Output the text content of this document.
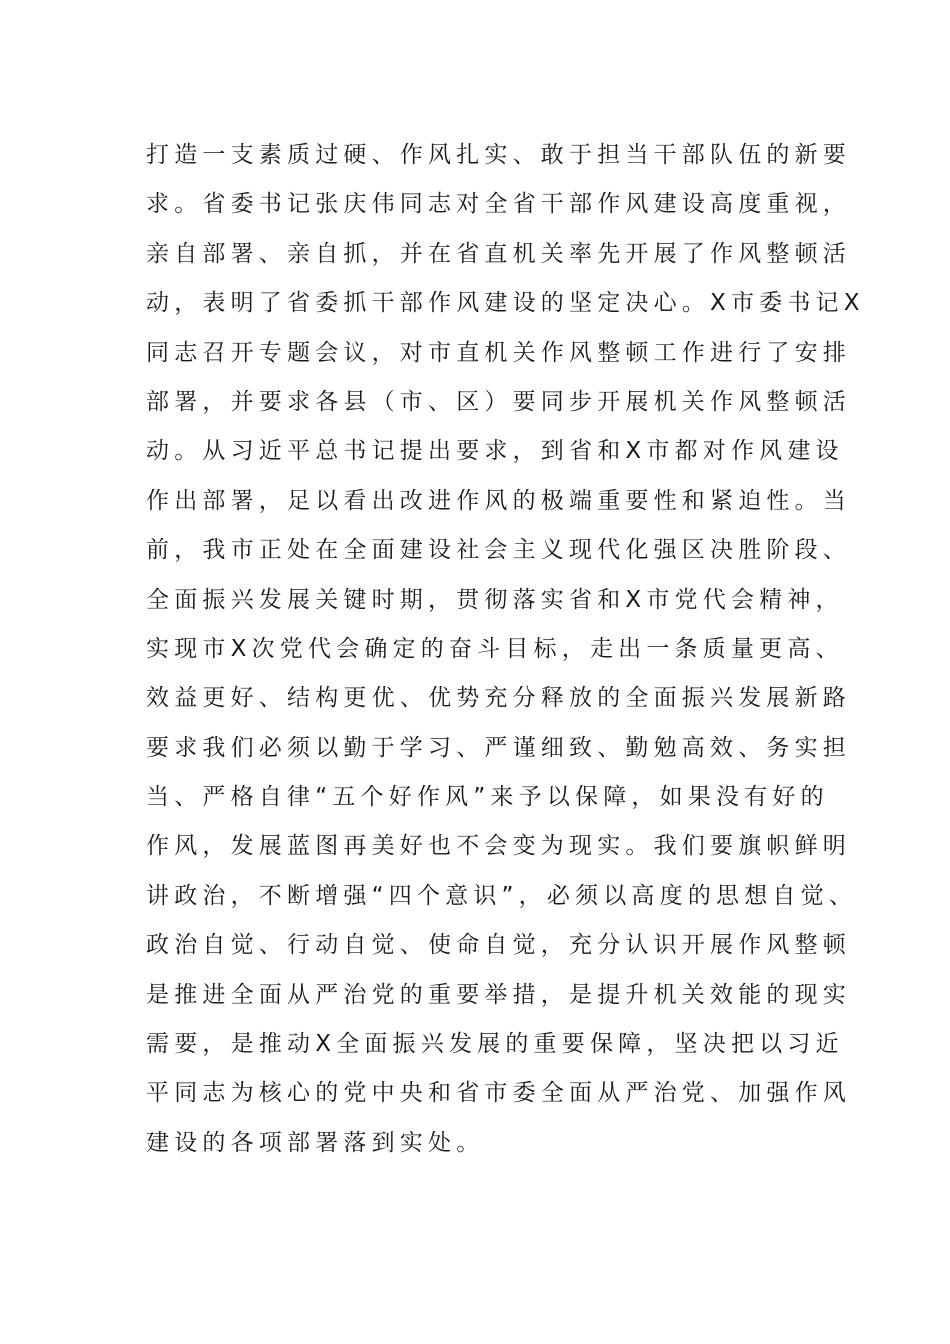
打造一支素质过硬、作风扎实、敢于担当干部队伍的新要
求。省委书记张庆伟同志对全省干部作风建设高度重视，
亲自部署、亲自抓，并在省直机关率先开展了作风整顿活
动，表明了省委抓干部作风建设的坚定决心。X市委书记X
同志召开专题会议，对市直机关作风整顿工作进行了安排
部署，并要求各县（市、区）要同步开展机关作风整顿活
动。从习近平总书记提出要求，到省和X市都对作风建设
作出部署，足以看出改进作风的极端重要性和紧迫性。当
前，我市正处在全面建设社会主义现代化强区决胜阶段、
全面振兴发展关键时期，贯彻落实省和X市党代会精神，
实现市X次党代会确定的奋斗目标，走出一条质量更高、
效益更好、结构更优、优势充分释放的全面振兴发展新路
要求我们必须以勤于学习、严谨细致、勤勉高效、务实担
当、严格自律“五个好作风”来予以保障，如果没有好的
作风，发展蓝图再美好也不会变为现实。我们要旗帜鲜明
讲政治，不断增强“四个意识”，必须以高度的思想自觉、
政治自觉、行动自觉、使命自觉，充分认识开展作风整顿
是推进全面从严治党的重要举措，是提升机关效能的现实
需要，是推动X全面振兴发展的重要保障，坚决把以习近
平同志为核心的党中央和省市委全面从严治党、加强作风
建设的各项部署落到实处。
